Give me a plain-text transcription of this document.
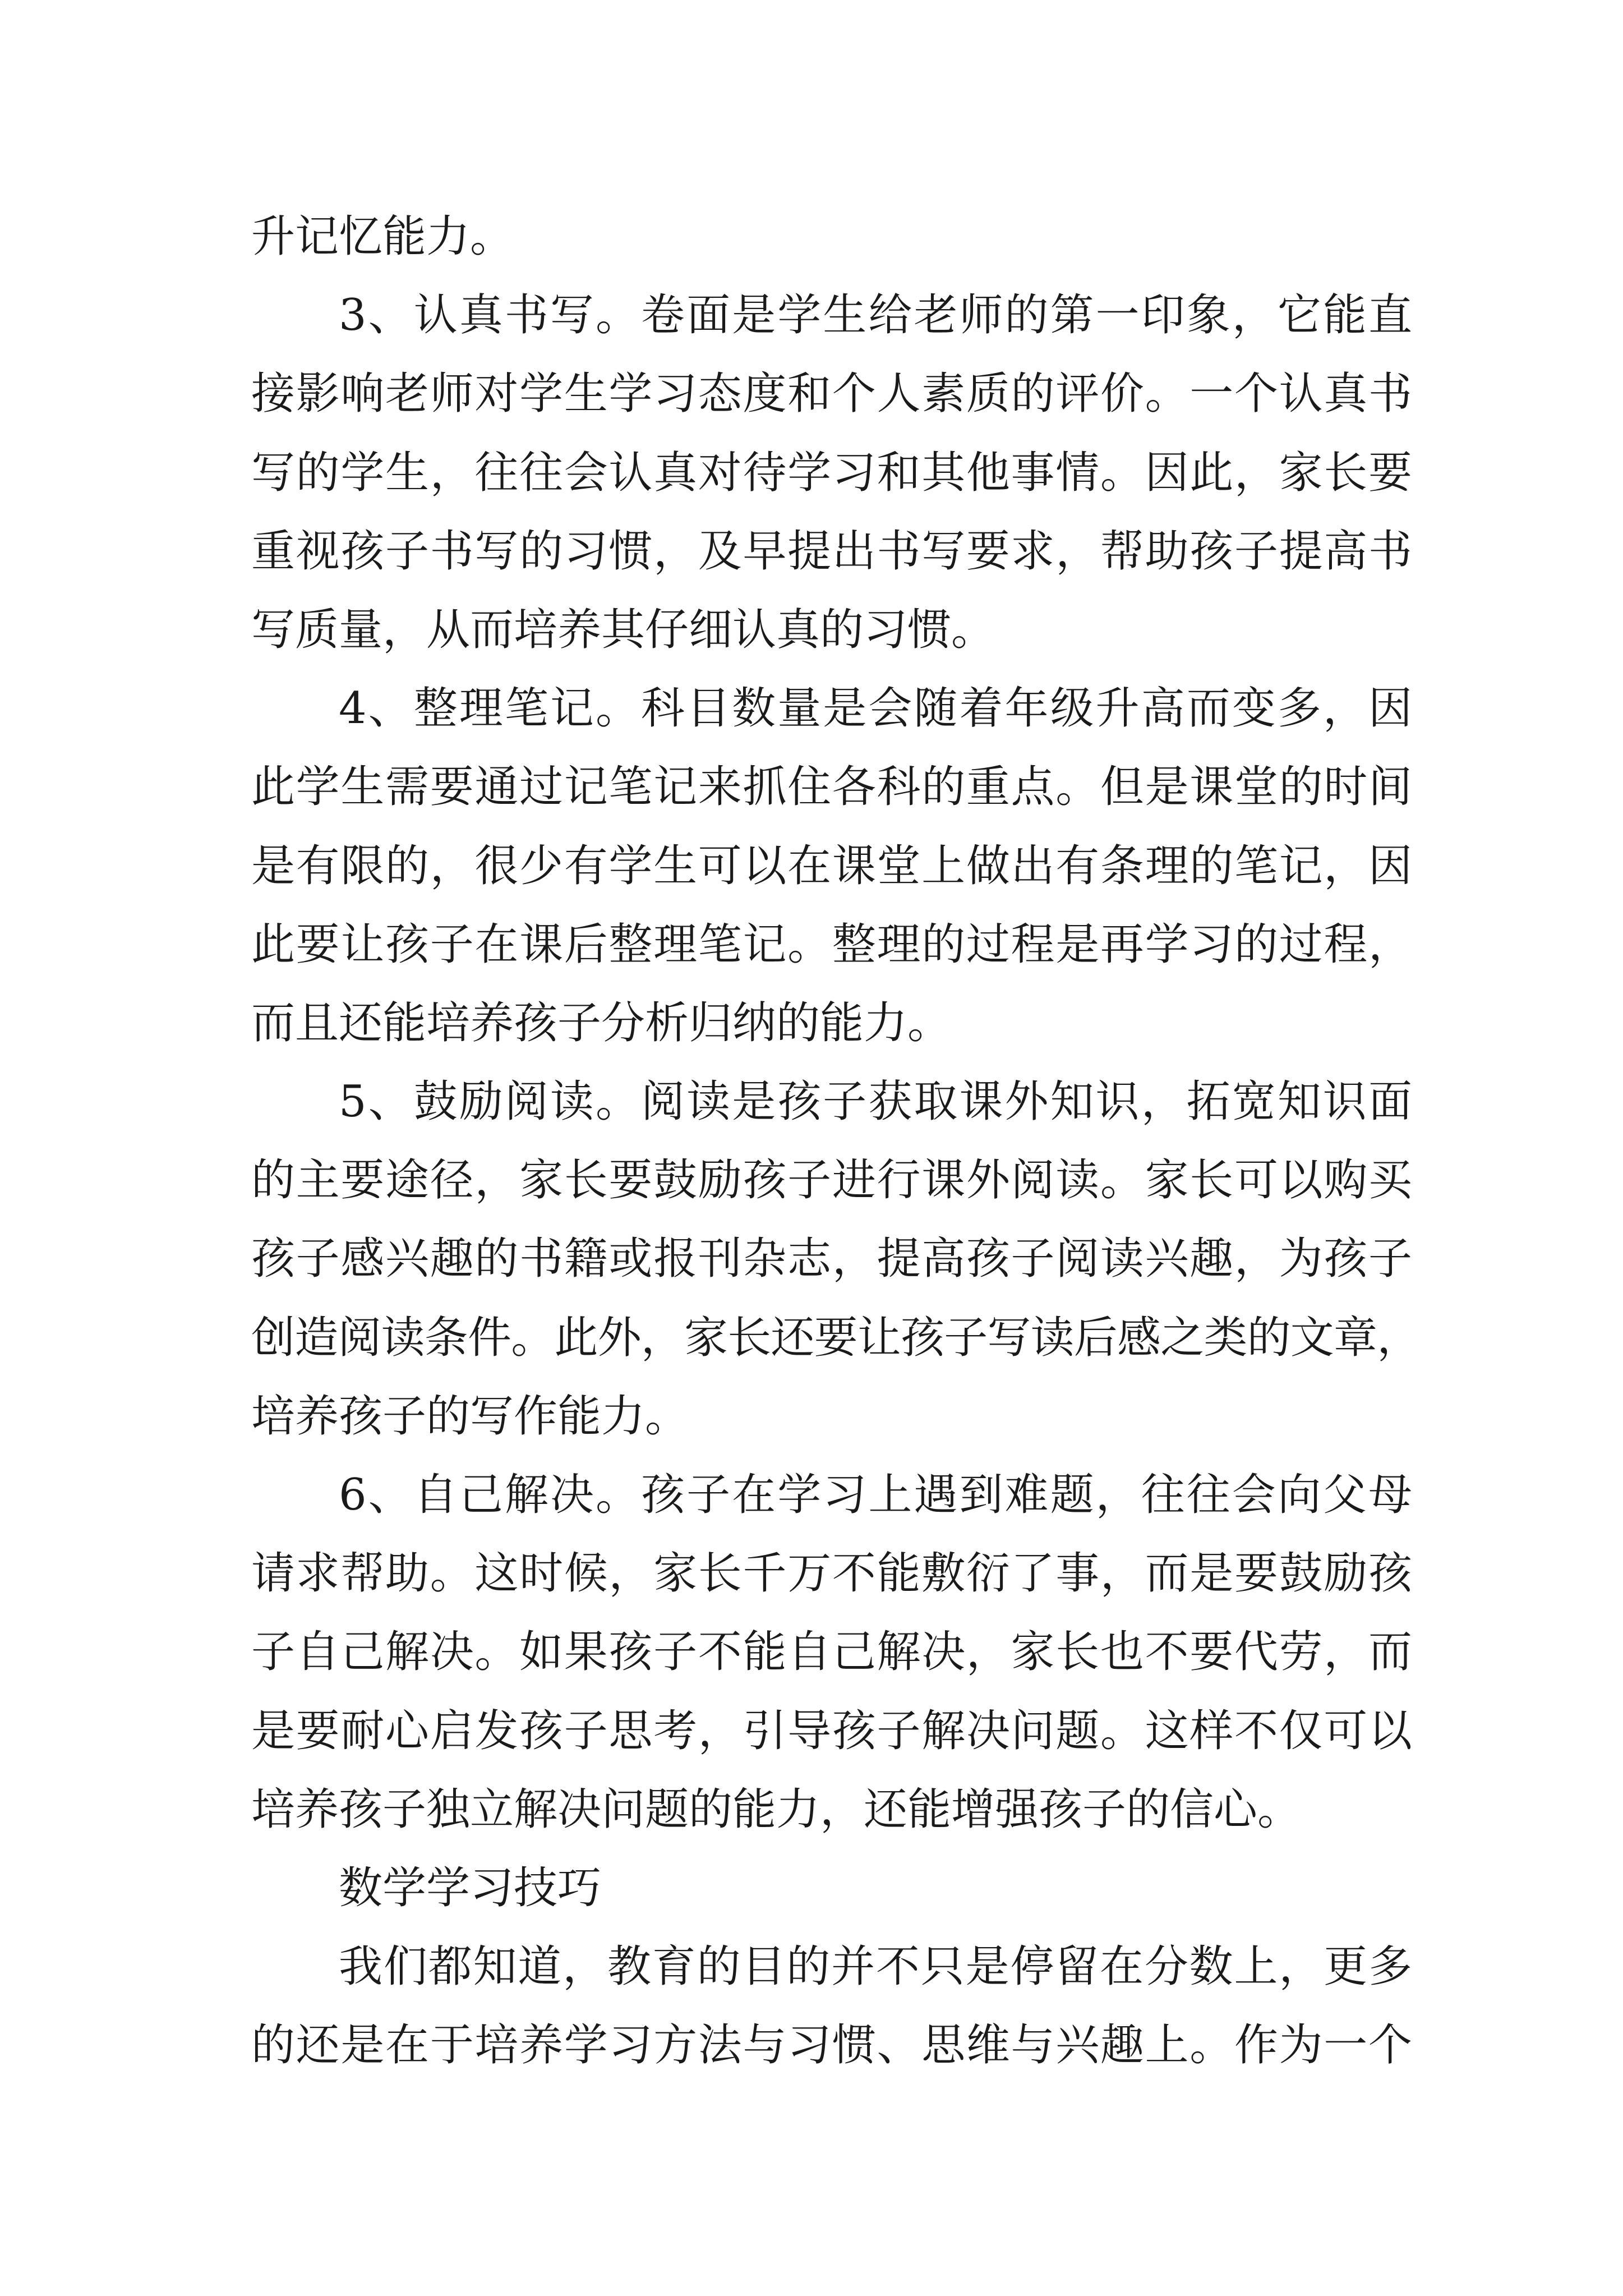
升记忆能力。
3、认真书写。卷面是学生给老师的第一印象，它能直
接影响老师对学生学习态度和个人素质的评价。一个认真书
写的学生，往往会认真对待学习和其他事情。因此，家长要
重视孩子书写的习惯，及早提出书写要求，帮助孩子提高书
写质量，从而培养其仔细认真的习惯。
4、整理笔记。科目数量是会随着年级升高而变多，因
此学生需要通过记笔记来抓住各科的重点。但是课堂的时间
是有限的，很少有学生可以在课堂上做出有条理的笔记，因
此要让孩子在课后整理笔记。整理的过程是再学习的过程，
而且还能培养孩子分析归纳的能力。
5、鼓励阅读。阅读是孩子获取课外知识，拓宽知识面
的主要途径，家长要鼓励孩子进行课外阅读。家长可以购买
孩子感兴趣的书籍或报刊杂志，提高孩子阅读兴趣，为孩子
创造阅读条件。此外，家长还要让孩子写读后感之类的文章，
培养孩子的写作能力。
6、自己解决。孩子在学习上遇到难题，往往会向父母
请求帮助。这时候，家长千万不能敷衍了事，而是要鼓励孩
子自己解决。如果孩子不能自己解决，家长也不要代劳，而
是要耐心启发孩子思考，引导孩子解决问题。这样不仅可以
培养孩子独立解决问题的能力，还能增强孩子的信心。
数学学习技巧
我们都知道，教育的目的并不只是停留在分数上，更多
的还是在于培养学习方法与习惯、思维与兴趣上。作为一个
